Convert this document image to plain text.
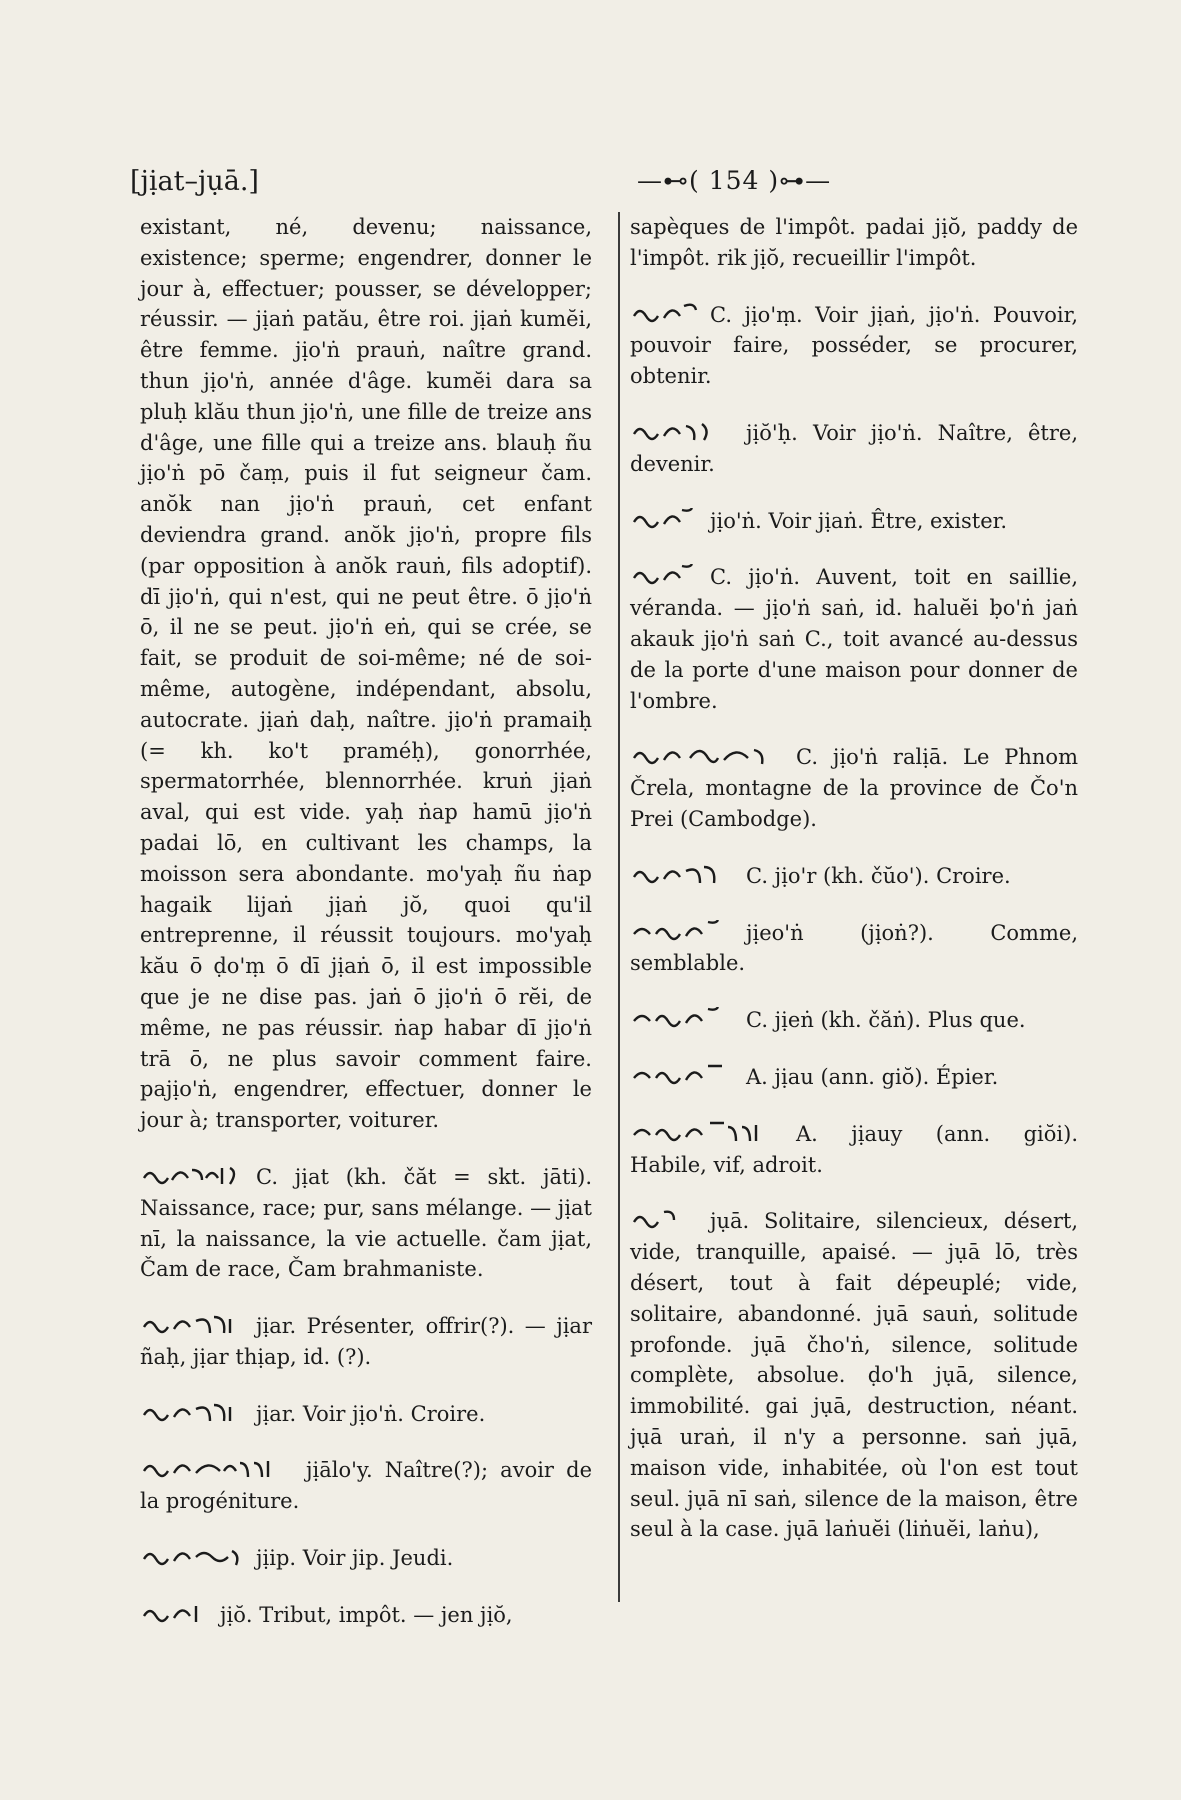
[jịat–jụā.]	—⊷( 154 )⊶—

existant, né, devenu; naissance, existence; sperme; engendrer, donner le jour à, effectuer; pousser, se développer; réussir. — jịaṅ patău, être roi. jịaṅ kumĕi, être femme. jịo'ṅ prauṅ, naître grand. thun jịo'ṅ, année d'âge. kumĕi dara sa pluḥ klău thun jịo'ṅ, une fille de treize ans d'âge, une fille qui a treize ans. blauḥ ñu jịo'ṅ pō čaṃ, puis il fut seigneur čam. anŏk nan jịo'ṅ prauṅ, cet enfant deviendra grand. anŏk jịo'ṅ, propre fils (par opposition à anŏk rauṅ, fils adoptif). dī jịo'ṅ, qui n'est, qui ne peut être. ō jịo'ṅ ō, il ne se peut. jịo'ṅ eṅ, qui se crée, se fait, se produit de soi-même; né de soi-même, autogène, indépendant, absolu, autocrate. jịaṅ daḥ, naître. jịo'ṅ pramaiḥ (= kh. ko't praméḥ), gonorrhée, spermatorrhée, blennorrhée. kruṅ jịaṅ aval, qui est vide. yaḥ ṅap hamū jịo'ṅ padai lō, en cultivant les champs, la moisson sera abondante. mo'yaḥ ñu ṅap hagaik lijaṅ jịaṅ jŏ, quoi qu'il entreprenne, il réussit toujours. mo'yaḥ kău ō ḍo'ṃ ō dī jịaṅ ō, il est impossible que je ne dise pas. jaṅ ō jịo'ṅ ō rĕi, de même, ne pas réussir. ṅap habar dī jịo'ṅ trā ō, ne plus savoir comment faire. pajịo'ṅ, engendrer, effectuer, donner le jour à; transporter, voiturer.

C. jịat (kh. čăt = skt. jāti). Naissance, race; pur, sans mélange. — jịat nī, la naissance, la vie actuelle. čam jịat, Čam de race, Čam brahmaniste.

jịar. Présenter, offrir(?). — jịar ñaḥ, jịar thịap, id. (?).

jịar. Voir jịo'ṅ. Croire.

jịālo'y. Naître(?); avoir de la progéniture.

jịip. Voir jip. Jeudi.

jịŏ. Tribut, impôt. — jen jịŏ,

sapèques de l'impôt. padai jịŏ, paddy de l'impôt. rik jịŏ, recueillir l'impôt.

C. jịo'ṃ. Voir jịaṅ, jịo'ṅ. Pouvoir, pouvoir faire, posséder, se procurer, obtenir.

jịŏ'ḥ. Voir jịo'ṅ. Naître, être, devenir.

jịo'ṅ. Voir jịaṅ. Être, exister.

C. jịo'ṅ. Auvent, toit en saillie, véranda. — jịo'ṅ saṅ, id. haluĕi ḅo'ṅ jaṅ akauk jịo'ṅ saṅ C., toit avancé au-dessus de la porte d'une maison pour donner de l'ombre.

C. jịo'ṅ ralịā. Le Phnom Črela, montagne de la province de Čo'n Prei (Cambodge).

C. jịo'r (kh. čŭo'). Croire.

jịeo'ṅ (jịoṅ?). Comme, semblable.

C. jịeṅ (kh. čăṅ). Plus que.

A. jịau (ann. giŏ). Épier.

A. jịauy (ann. giŏi). Habile, vif, adroit.

jụā. Solitaire, silencieux, désert, vide, tranquille, apaisé. — jụā lō, très désert, tout à fait dépeuplé; vide, solitaire, abandonné. jụā sauṅ, solitude profonde. jụā čho'ṅ, silence, solitude complète, absolue. ḍo'h jụā, silence, immobilité. gai jụā, destruction, néant. jụā uraṅ, il n'y a personne. saṅ jụā, maison vide, inhabitée, où l'on est tout seul. jụā nī saṅ, silence de la maison, être seul à la case. jụā laṅuĕi (liṅuĕi, laṅu),
